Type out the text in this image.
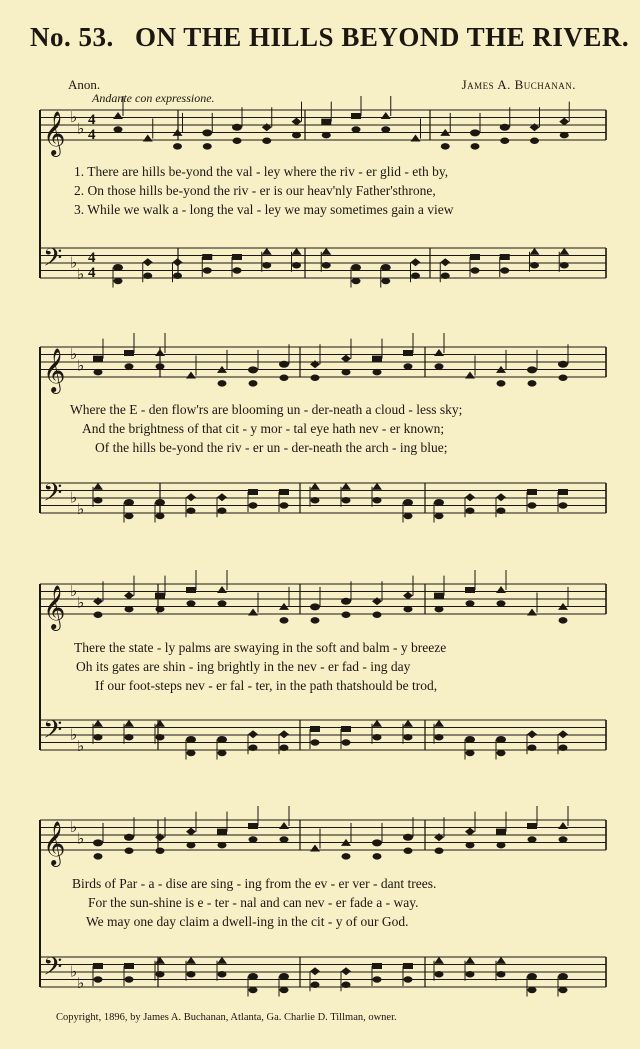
No. 53. ON THE HILLS BEYOND THE RIVER.
Anon.	James A. Buchanan.
Andante con expressione.
𝄞 ♭
♭
4
4
𝄢 ♭
♭
4
4
𝄞 ♭
♭
𝄢 ♭
♭
𝄞 ♭
♭
𝄢 ♭
♭
𝄞 ♭
♭
𝄢 ♭
♭
1. There are hills be-yond the val - ley where the riv - er glid - eth by,
2. On those hills be-yond the riv - er is our heav'nly Father'sthrone,
3. While we walk a - long the val - ley we may sometimes gain a view
Where the E - den flow'rs are blooming un - der-neath a cloud - less sky;
And the brightness of that cit - y mor - tal eye hath nev - er known;
Of the hills be-yond the riv - er un - der-neath the arch - ing blue;
There the state - ly palms are swaying in the soft and balm - y breeze
Oh its gates are shin - ing brightly in the nev - er fad - ing day
If our foot-steps nev - er fal - ter, in the path thatshould be trod,
Birds of Par - a - dise are sing - ing from the ev - er ver - dant trees.
For the sun-shine is e - ter - nal and can nev - er fade a - way.
We may one day claim a dwell-ing in the cit - y of our God.
Copyright, 1896, by James A. Buchanan, Atlanta, Ga. Charlie D. Tillman, owner.
